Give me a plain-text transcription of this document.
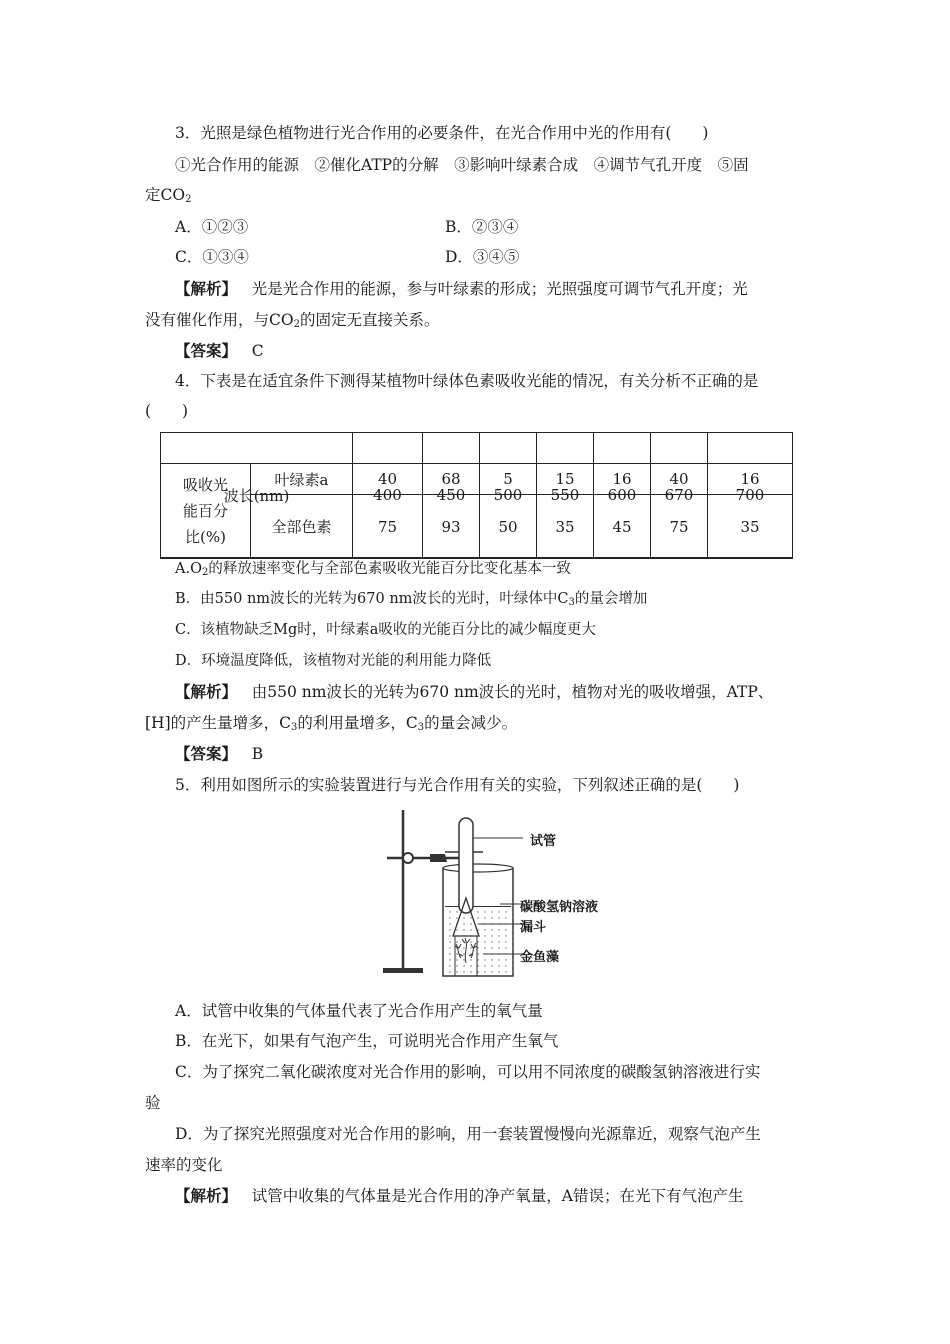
3．光照是绿色植物进行光合作用的必要条件，在光合作用中光的作用有(　　)
①光合作用的能源　②催化ATP的分解　③影响叶绿素合成　④调节气孔开度　⑤固
定$CO_2$
A．①②③	B．②③④
C．①③④	D．③④⑤
【解析】 光是光合作用的能源，参与叶绿素的形成；光照强度可调节气孔开度；光
没有催化作用，与$CO_2$的固定无直接关系。
【答案】 C
4．下表是在适宜条件下测得某植物叶绿体色素吸收光能的情况，有关分析不正确的是
(　　)
波长(nm)	400	450	500	550	600	670	700
吸收光
能百分
比(%)	叶绿素a	40	68	5	15	16	40	16
	全部色素	75	93	50	35	45	75	35
$A.O_2$的释放速率变化与全部色素吸收光能百分比变化基本一致
B．由550 nm波长的光转为670 nm波长的光时，叶绿体中$C_3$的量会增加
C．该植物缺乏Mg时，叶绿素a吸收的光能百分比的减少幅度更大
D．环境温度降低，该植物对光能的利用能力降低
【解析】 由550 nm波长的光转为670 nm波长的光时，植物对光的吸收增强，ATP、
[H]的产生量增多，$C_3$的利用量增多，$C_3$的量会减少。
【答案】 B
5．利用如图所示的实验装置进行与光合作用有关的实验，下列叙述正确的是(　　)
试管
碳酸氢钠溶液
漏斗
金鱼藻
A．试管中收集的气体量代表了光合作用产生的氧气量
B．在光下，如果有气泡产生，可说明光合作用产生氧气
C．为了探究二氧化碳浓度对光合作用的影响，可以用不同浓度的碳酸氢钠溶液进行实
验
D．为了探究光照强度对光合作用的影响，用一套装置慢慢向光源靠近，观察气泡产生
速率的变化
【解析】 试管中收集的气体量是光合作用的净产氧量，A错误；在光下有气泡产生
